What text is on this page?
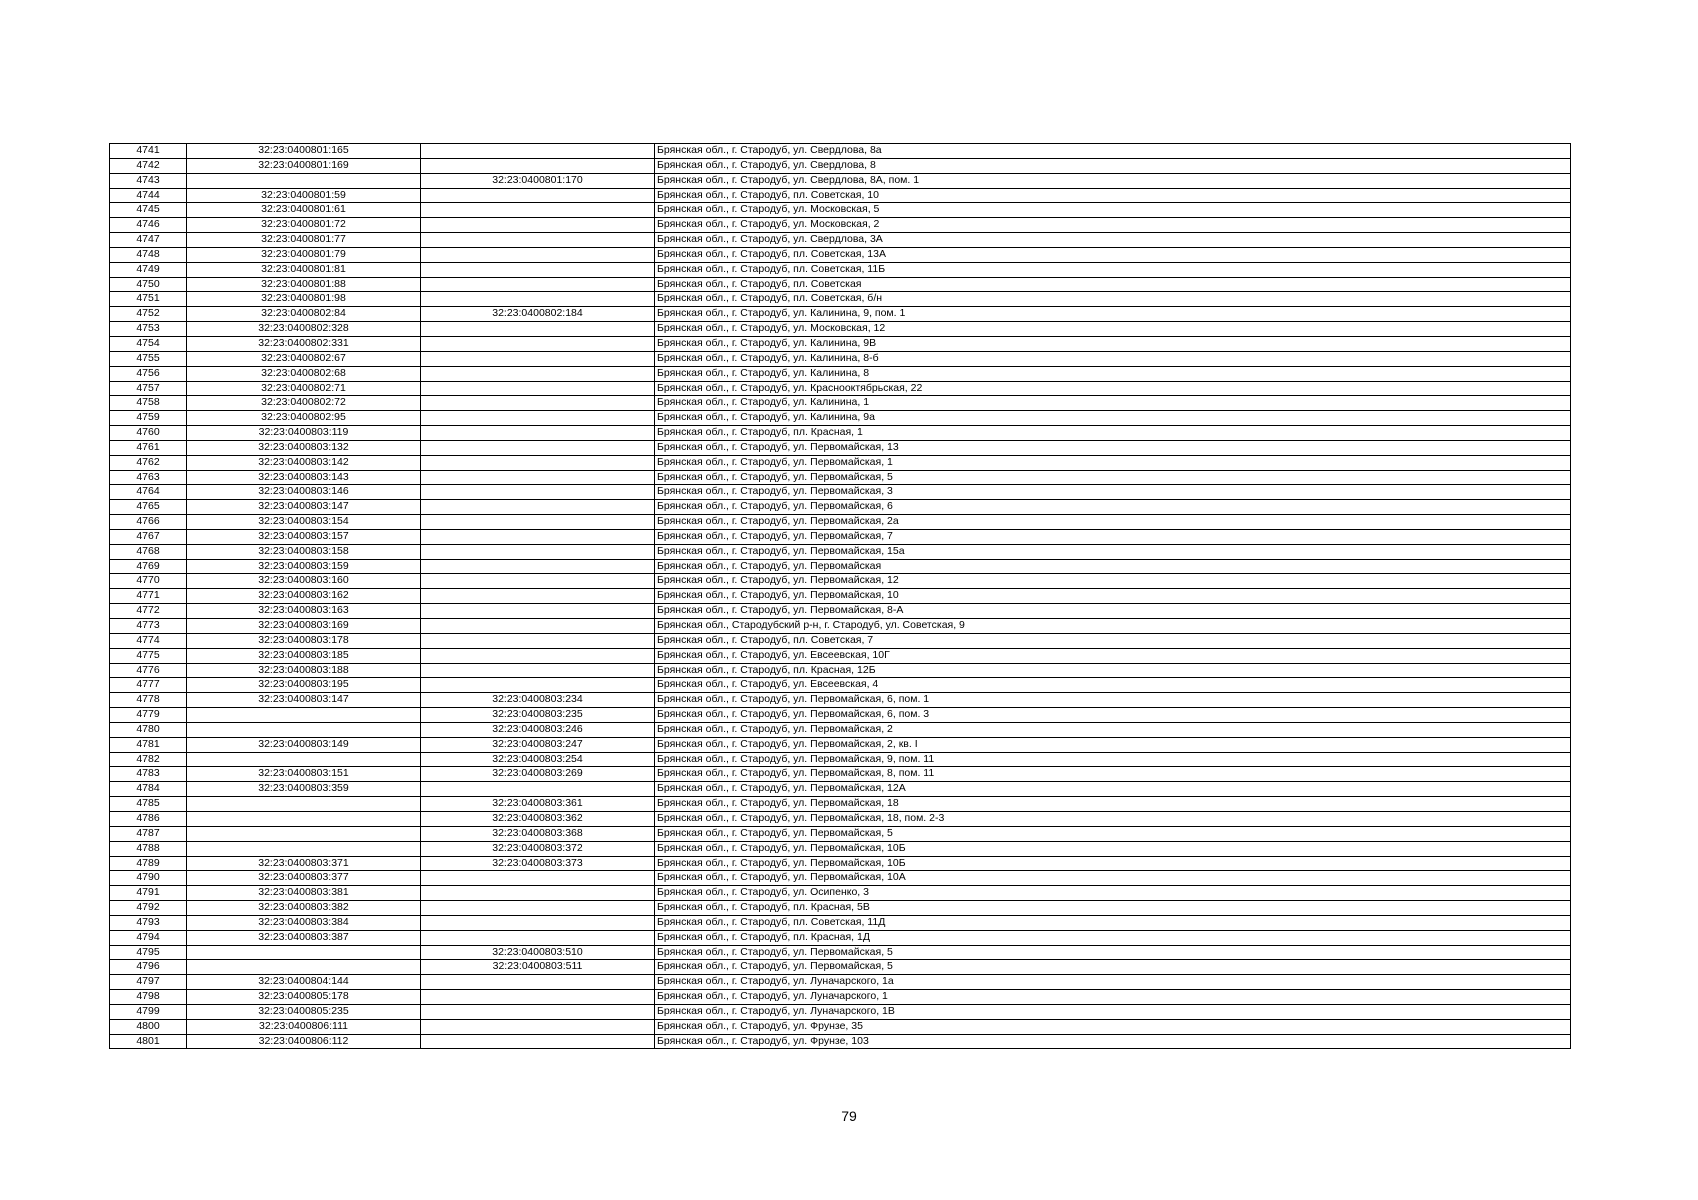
4741	32:23:0400801:165		Брянская обл., г. Стародуб, ул. Свердлова, 8а
4742	32:23:0400801:169		Брянская обл., г. Стародуб, ул. Свердлова, 8
4743		32:23:0400801:170	Брянская обл., г. Стародуб, ул. Свердлова, 8А, пом. 1
4744	32:23:0400801:59		Брянская обл., г. Стародуб, пл. Советская, 10
4745	32:23:0400801:61		Брянская обл., г. Стародуб, ул. Московская, 5
4746	32:23:0400801:72		Брянская обл., г. Стародуб, ул. Московская, 2
4747	32:23:0400801:77		Брянская обл., г. Стародуб, ул. Свердлова, 3А
4748	32:23:0400801:79		Брянская обл., г. Стародуб, пл. Советская, 13А
4749	32:23:0400801:81		Брянская обл., г. Стародуб, пл. Советская, 11Б
4750	32:23:0400801:88		Брянская обл., г. Стародуб, пл. Советская
4751	32:23:0400801:98		Брянская обл., г. Стародуб, пл. Советская, б/н
4752	32:23:0400802:84	32:23:0400802:184	Брянская обл., г. Стародуб, ул. Калинина, 9, пом. 1
4753	32:23:0400802:328		Брянская обл., г. Стародуб, ул. Московская, 12
4754	32:23:0400802:331		Брянская обл., г. Стародуб, ул. Калинина, 9В
4755	32:23:0400802:67		Брянская обл., г. Стародуб, ул. Калинина, 8-б
4756	32:23:0400802:68		Брянская обл., г. Стародуб, ул. Калинина, 8
4757	32:23:0400802:71		Брянская обл., г. Стародуб, ул. Краснооктябрьская, 22
4758	32:23:0400802:72		Брянская обл., г. Стародуб, ул. Калинина, 1
4759	32:23:0400802:95		Брянская обл., г. Стародуб, ул. Калинина, 9а
4760	32:23:0400803:119		Брянская обл., г. Стародуб, пл. Красная, 1
4761	32:23:0400803:132		Брянская обл., г. Стародуб, ул. Первомайская, 13
4762	32:23:0400803:142		Брянская обл., г. Стародуб, ул. Первомайская, 1
4763	32:23:0400803:143		Брянская обл., г. Стародуб, ул. Первомайская, 5
4764	32:23:0400803:146		Брянская обл., г. Стародуб, ул. Первомайская, 3
4765	32:23:0400803:147		Брянская обл., г. Стародуб, ул. Первомайская, 6
4766	32:23:0400803:154		Брянская обл., г. Стародуб, ул. Первомайская, 2а
4767	32:23:0400803:157		Брянская обл., г. Стародуб, ул. Первомайская, 7
4768	32:23:0400803:158		Брянская обл., г. Стародуб, ул. Первомайская, 15а
4769	32:23:0400803:159		Брянская обл., г. Стародуб, ул. Первомайская
4770	32:23:0400803:160		Брянская обл., г. Стародуб, ул. Первомайская, 12
4771	32:23:0400803:162		Брянская обл., г. Стародуб, ул. Первомайская, 10
4772	32:23:0400803:163		Брянская обл., г. Стародуб, ул. Первомайская, 8-А
4773	32:23:0400803:169		Брянская обл., Стародубский р-н, г. Стародуб, ул. Советская, 9
4774	32:23:0400803:178		Брянская обл., г. Стародуб, пл. Советская, 7
4775	32:23:0400803:185		Брянская обл., г. Стародуб, ул. Евсеевская, 10Г
4776	32:23:0400803:188		Брянская обл., г. Стародуб, пл. Красная, 12Б
4777	32:23:0400803:195		Брянская обл., г. Стародуб, ул. Евсеевская, 4
4778	32:23:0400803:147	32:23:0400803:234	Брянская обл., г. Стародуб, ул. Первомайская, 6, пом. 1
4779		32:23:0400803:235	Брянская обл., г. Стародуб, ул. Первомайская, 6, пом. 3
4780		32:23:0400803:246	Брянская обл., г. Стародуб, ул. Первомайская, 2
4781	32:23:0400803:149	32:23:0400803:247	Брянская обл., г. Стародуб, ул. Первомайская, 2, кв. I
4782		32:23:0400803:254	Брянская обл., г. Стародуб, ул. Первомайская, 9, пом. 11
4783	32:23:0400803:151	32:23:0400803:269	Брянская обл., г. Стародуб, ул. Первомайская, 8, пом. 11
4784	32:23:0400803:359		Брянская обл., г. Стародуб, ул. Первомайская, 12А
4785		32:23:0400803:361	Брянская обл., г. Стародуб, ул. Первомайская, 18
4786		32:23:0400803:362	Брянская обл., г. Стародуб, ул. Первомайская, 18, пом. 2-3
4787		32:23:0400803:368	Брянская обл., г. Стародуб, ул. Первомайская, 5
4788		32:23:0400803:372	Брянская обл., г. Стародуб, ул. Первомайская, 10Б
4789	32:23:0400803:371	32:23:0400803:373	Брянская обл., г. Стародуб, ул. Первомайская, 10Б
4790	32:23:0400803:377		Брянская обл., г. Стародуб, ул. Первомайская, 10А
4791	32:23:0400803:381		Брянская обл., г. Стародуб, ул. Осипенко, 3
4792	32:23:0400803:382		Брянская обл., г. Стародуб, пл. Красная, 5В
4793	32:23:0400803:384		Брянская обл., г. Стародуб, пл. Советская, 11Д
4794	32:23:0400803:387		Брянская обл., г. Стародуб, пл. Красная, 1Д
4795		32:23:0400803:510	Брянская обл., г. Стародуб, ул. Первомайская, 5
4796		32:23:0400803:511	Брянская обл., г. Стародуб, ул. Первомайская, 5
4797	32:23:0400804:144		Брянская обл., г. Стародуб, ул. Луначарского, 1а
4798	32:23:0400805:178		Брянская обл., г. Стародуб, ул. Луначарского, 1
4799	32:23:0400805:235		Брянская обл., г. Стародуб, ул. Луначарского, 1В
4800	32:23:0400806:111		Брянская обл., г. Стародуб, ул. Фрунзе, 35
4801	32:23:0400806:112		Брянская обл., г. Стародуб, ул. Фрунзе, 103
79
